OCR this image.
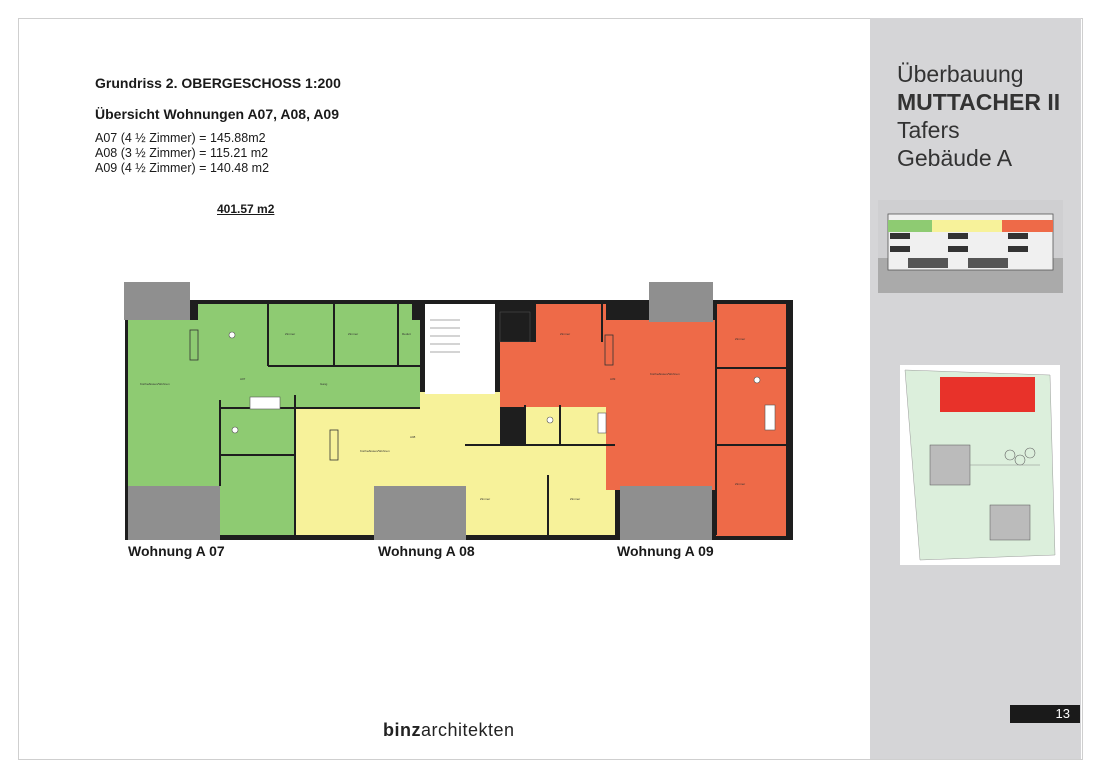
Grundriss 2. OBERGESCHOSS 1:200
Übersicht Wohnungen A07, A08, A09
A07 (4 ½ Zimmer) = 145.88m2
A08 (3 ½ Zimmer) = 115.21 m2
A09 (4 ½ Zimmer) = 140.48 m2
401.57 m2
Überbauung
MUTTACHER II
Tafers
Gebäude A
Küche/Essen/Wohnen
A07
Gang
Zimmer	Zimmer	Reduit
A08
Küche/Essen/Wohnen
Zimmer	Zimmer
A09
Zimmer
Küche/Essen/Wohnen
Zimmer
Zimmer
Wohnung A 07	Wohnung A 08	Wohnung A 09
binzarchitekten
13
